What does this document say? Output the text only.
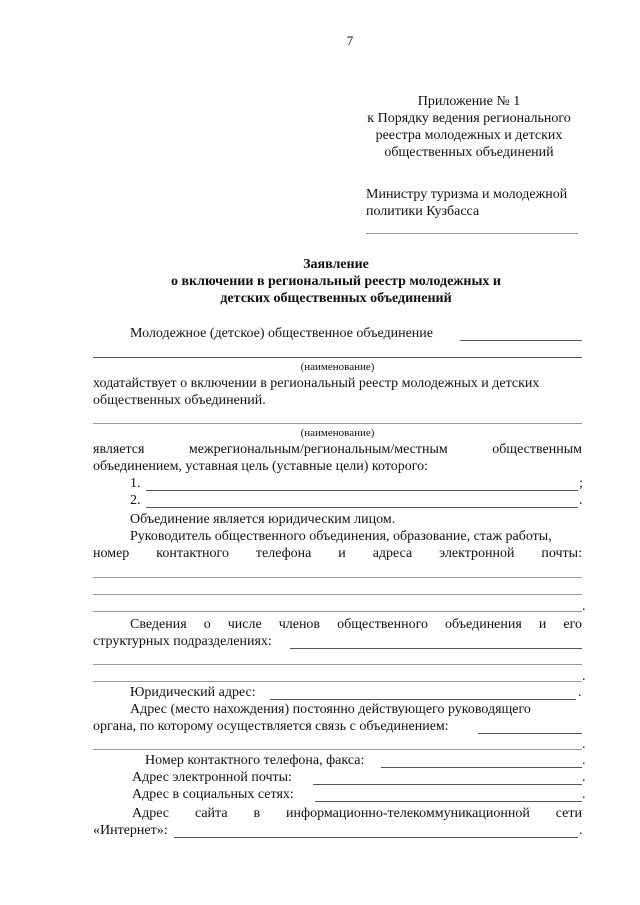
7
Приложение № 1
к Порядку ведения регионального
реестра молодежных и детских
общественных объединений
Министру туризма и молодежной
политики Кузбасса
Заявление
о включении в региональный реестр молодежных и
детских общественных объединений
Молодежное (детское) общественное объединение
(наименование)
ходатайствует о включении в региональный реестр молодежных и детских
общественных объединений.
(наименование)
является	межрегиональным/региональным/местным	общественным
объединением, уставная цель (уставные цели) которого:
1.	;
2.	.
Объединение является юридическим лицом.
Руководитель общественного объединения, образование, стаж работы,
номер контактного телефона и адреса электронной почты:
.
Сведения о числе членов общественного объединения и его
структурных подразделениях:
.
Юридический адрес:	.
Адрес (место нахождения) постоянно действующего руководящего
органа, по которому осуществляется связь с объединением:
.
Номер контактного телефона, факса:	.
Адрес электронной почты:	.
Адрес в социальных сетях:	.
Адрес сайта в информационно-телекоммуникационной сети
«Интернет»:	.
